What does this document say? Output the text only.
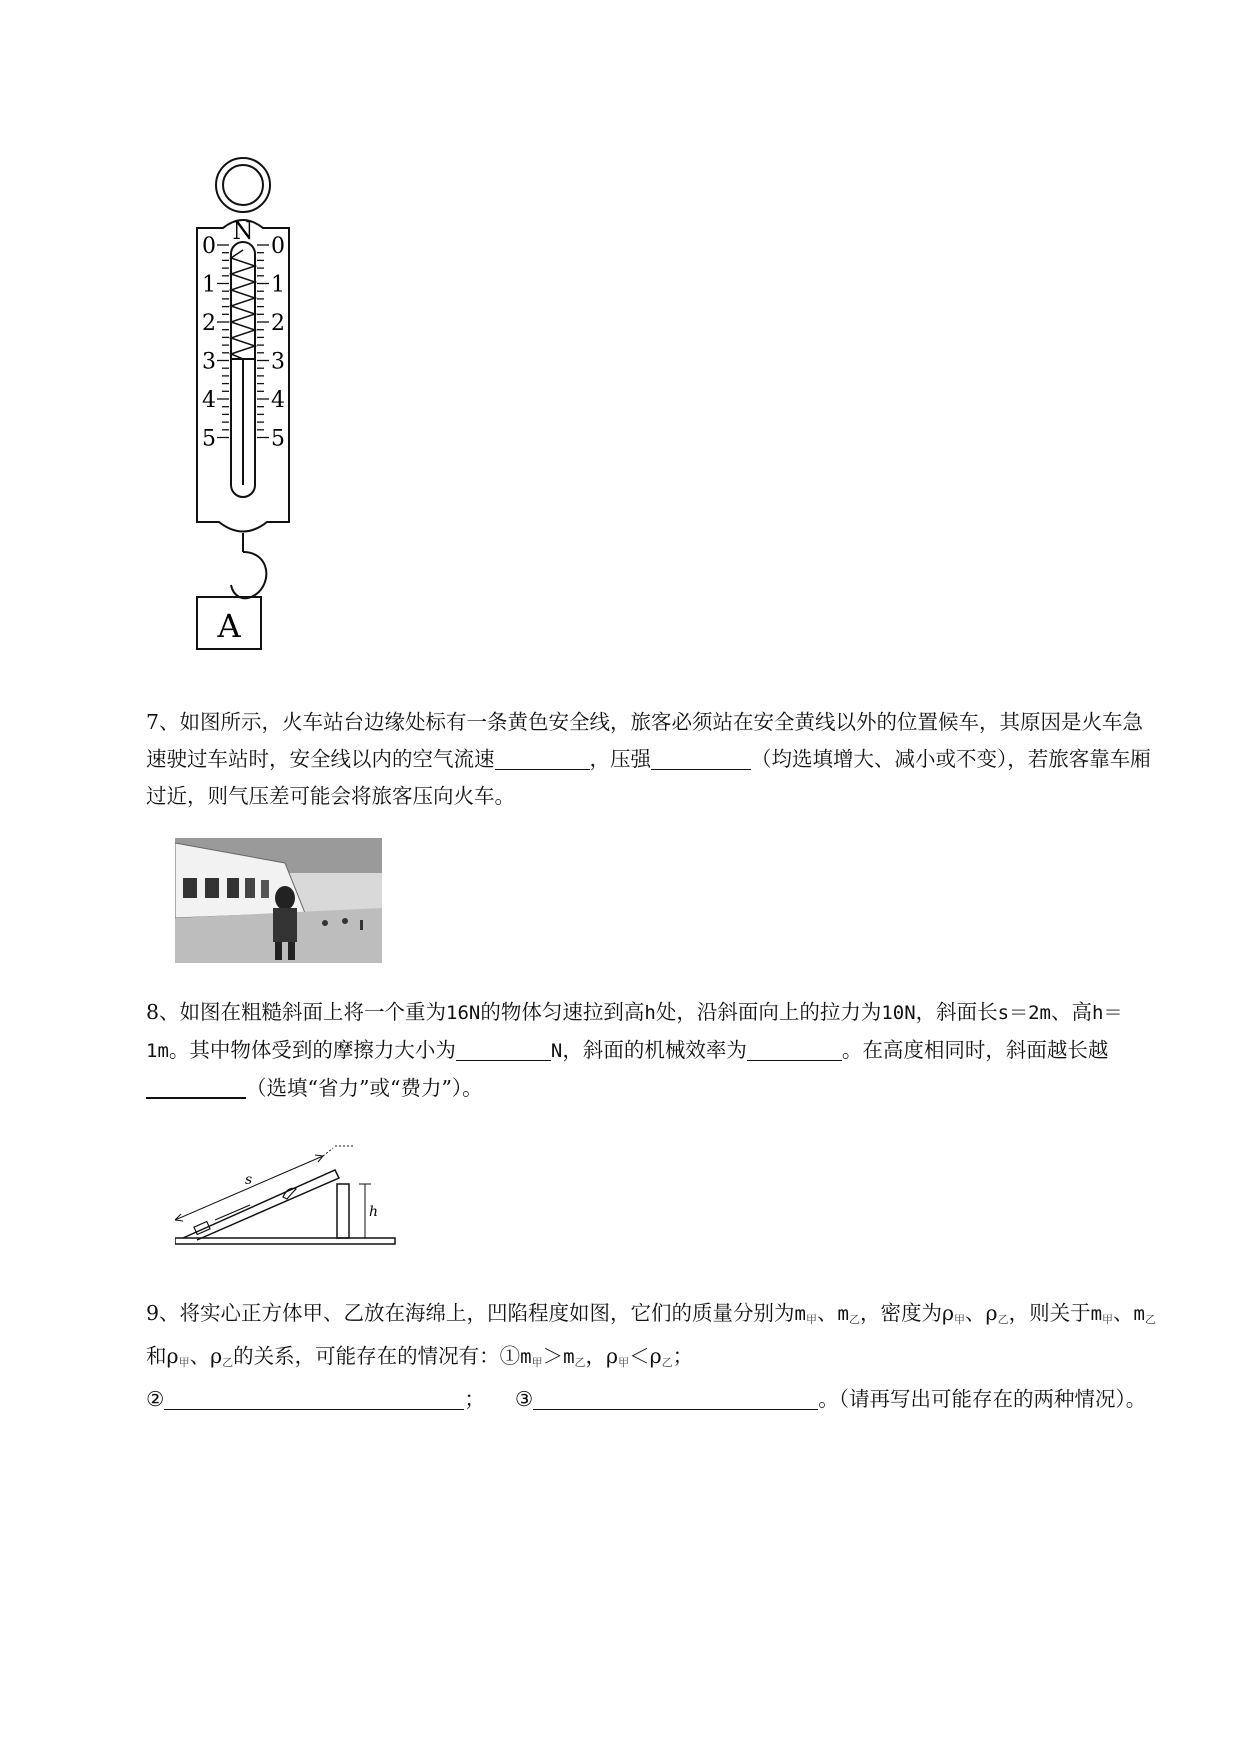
N
0
1
2
3
4
5
0
1
2
3
4
5
A
7、如图所示，火车站台边缘处标有一条黄色安全线，旅客必须站在安全黄线以外的位置候车，其原因是火车急速驶过车站时，安全线以内的空气流速	，压强	（均选填增大、减小或不变），若旅客靠车厢过近，则气压差可能会将旅客压向火车。
8、如图在粗糙斜面上将一个重为16N的物体匀速拉到高h处，沿斜面向上的拉力为10N，斜面长s＝2m、高h＝1m。其中物体受到的摩擦力大小为	N，斜面的机械效率为	。在高度相同时，斜面越长越（选填“省力”或“费力”）。
s
h
9、将实心正方体甲、乙放在海绵上，凹陷程度如图，它们的质量分别为$m_甲$、$m_乙$，密度为$\rho_甲$、$\rho_乙$，则关于$m_甲$、$m_乙$和$\rho_甲$、$\rho_乙$的关系，可能存在的情况有：$①m_甲>m_乙$，$\rho_甲<\rho_乙$；
②	； ③	。（请再写出可能存在的两种情况）。
